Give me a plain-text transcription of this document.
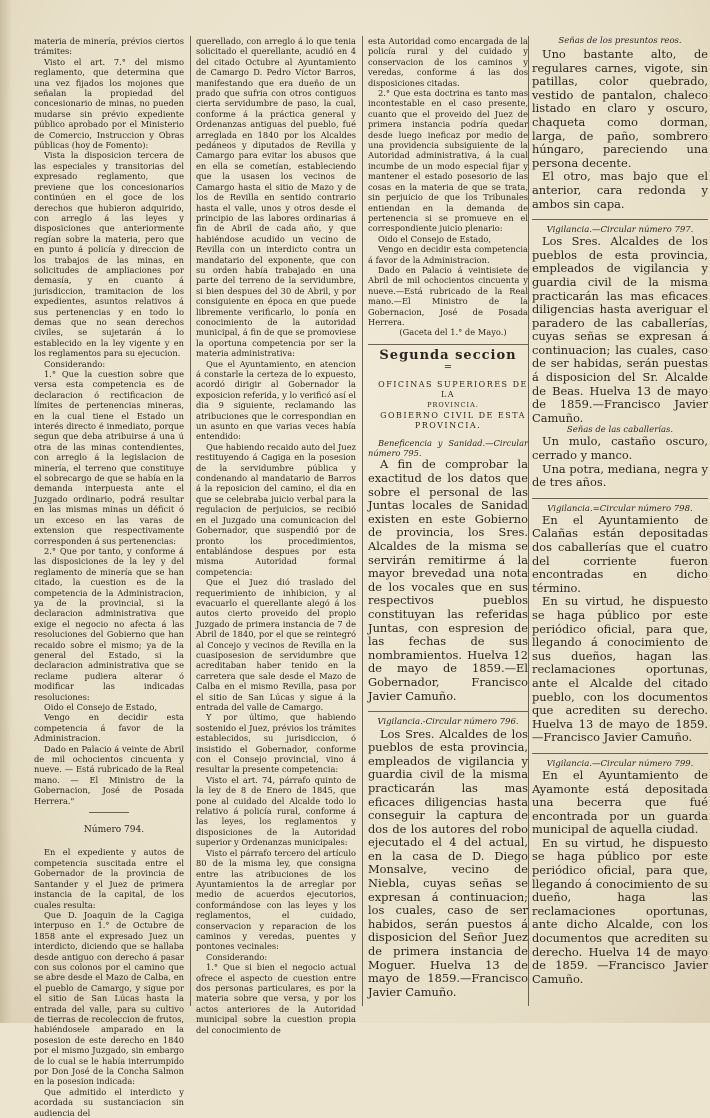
materia de minería, prévios ciertos trámites:

Visto el art. 7.° del mismo reglamento, que determina que una vez fijados los mojones que señalan la propiedad del concesionario de minas, no pueden mudarse sin prévio expediente público aprobado por el Ministerio de Comercio, Instruccion y Obras públicas (hoy de Fomento):

Vista la disposicion tercera de las especiales y transitorias del expresado reglamento, que previene que los concesionarios continúen en el goce de los derechos que hubieron adquirido, con arreglo á las leyes y disposiciones que anteriormente regían sobre la materia, pero que en punto á policía y direccion de los trabajos de las minas, en solicitudes de ampliaciones por demasía, y en cuanto á jurisdiccion, tramitacion de los expedientes, asuntos relativos á sus pertenencias y en todo lo demas que no sean derechos civiles, se sujetarán á lo establecido en la ley vigente y en los reglamentos para su ejecucion.

Considerando:

1.° Que la cuestion sobre que versa esta competencia es de declaracion ó rectificacion de límites de pertenencias mineras, en la cual tiene el Estado un interés directo é inmediato, porque segun que deba atribuirse á una ú otra de las minas contendientes, con arreglo á la legislacion de minería, el terreno que constituye el sobrecargo de que se había en la demanda interpuesta ante el Juzgado ordinario, podrá resultar en las mismas minas un déficit ó un exceso en las varas de extension que respectivamente corresponden á sus pertenencias:

2.° Que por tanto, y conforme á las disposiciones de la ley y del reglamento de minería que se han citado, la cuestion es de la competencia de la Administracion, ya de la provincial, si la declaracion administrativa que exige el negocio no afecta á las resoluciones del Gobierno que han recaido sobre el mismo; ya de la general del Estado, si la declaracion administrativa que se reclame pudiera alterar ó modificar las indicadas resoluciones:

Oido el Consejo de Estado,

Vengo en decidir esta competencia á favor de la Administracion.

Dado en Palacio á veinte de Abril de mil ochocientos cincuenta y nueve. — Está rubricado de la Real mano. — El Ministro de la Gobernacion, José de Posada Herrera."

Número 794.

En el expediente y autos de competencia suscitada entre el Gobernador de la provincia de Santander y el Juez de primera instancia de la capital, de los cuales resulta:

Que D. Joaquin de la Cagiga interpuso en 1.° de Octubre de 1858 ante el expresado Juez un interdicto, diciendo que se hallaba desde antiguo con derecho á pasar con sus colonos por el camino que se abre desde el Mazo de Calba, en el pueblo de Camargo, y sigue por el sitio de San Lúcas hasta la entrada del valle, para su cultivo de tierras de recoleccion de frutos, habiéndosele amparado en la posesion de este derecho en 1840 por el mismo Juzgado, sin embargo de lo cual se le había interrumpido por Don José de la Concha Salmon en la posesion indicada:

Que admitido el interdicto y acordada su sustanciacion sin audiencia del

querellado, con arreglo á lo que tenia solicitado el querellante, acudió en 4 del citado Octubre al Ayuntamiento de Camargo D. Pedro Víctor Barros, manifestando que era dueño de un prado que sufria con otros contiguos cierta servidumbre de paso, la cual, conforme á la práctica general y Ordenanzas antiguas del pueblo, fué arreglada en 1840 por los Alcaldes pedáneos y diputados de Revilla y Camargo para evitar los abusos que en ella se cometían, estableciendo que la usasen los vecinos de Camargo hasta el sitio de Mazo y de los de Revilla en sentido contrario hasta el valle, unos y otros desde el principio de las labores ordinarias á fin de Abril de cada año, y que habiéndose acudido un vecino de Revilla con un interdicto contra un mandatario del exponente, que con su orden había trabajado en una parte del terreno de la servidumbre, si bien despues del 30 de Abril, y por consiguiente en época en que puede libremente verificarlo, lo ponía en conocimiento de la autoridad municipal, á fin de que se promoviese la oportuna competencia por ser la materia administrativa:

Que el Ayuntamiento, en atencion á constarle la certeza de lo expuesto, acordó dirigir al Gobernador la exposicion referida, y lo verificó así el dia 9 siguiente, reclamando las atribuciones que le correspondian en un asunto en que varias veces había entendido:

Que habiendo recaido auto del Juez restituyendo á Cagiga en la posesion de la servidumbre pública y condenando al mandatario de Barros á la reposicion del camino, el dia en que se celebraba juicio verbal para la regulacion de perjuicios, se recibió en el Juzgado una comunicacion del Gobernador, que suspendió por de pronto los procedimientos, entablándose despues por esta misma Autoridad formal competencia:

Que el Juez dió traslado del requerimiento de inhibicion, y al evacuarlo el querellante alegó á los autos cierto proveido del propio Juzgado de primera instancia de 7 de Abril de 1840, por el que se reintegró al Concejo y vecinos de Revilla en la cuasiposesion de servidumbre que acreditaban haber tenido en la carretera que sale desde el Mazo de Calba en el mismo Revilla, pasa por el sitio de San Lúcas y sigue á la entrada del valle de Camargo.

Y por último, que habiendo sostenido el Juez, prévios los trámites establecidos, su jurisdiccion, ó insistido el Gobernador, conforme con el Consejo provincial, vino á resultar la presente competencia:

Visto el art. 74, párrafo quinto de la ley de 8 de Enero de 1845, que pone al cuidado del Alcalde todo lo relativo á policía rural, conforme á las leyes, los reglamentos y disposiciones de la Autoridad superior y Ordenanzas municipales:

Visto el párrafo tercero del artículo 80 de la misma ley, que consigna entre las atribuciones de los Ayuntamientos la de arreglar por medio de acuerdos ejecutorios, conformándose con las leyes y los reglamentos, el cuidado, conservacion y reparacion de los caminos y veredas, puentes y pontones vecinales:

Considerando:

1.° Que si bien el negocio actual ofrece el aspecto de cuestion entre dos personas particulares, es por la materia sobre que versa, y por los actos anteriores de la Autoridad municipal sobre la cuestion propia del conocimiento de

esta Autoridad como encargada de la policía rural y del cuidado y conservacion de los caminos y veredas, conforme á las dos disposiciones citadas.

2.° Que esta doctrina es tanto mas incontestable en el caso presente, cuanto que el proveido del Juez de primera instancia podría quedar desde luego ineficaz por medio de una providencia subsiguiente de la Autoridad administrativa, á la cual incumbe de un modo especial fijar y mantener el estado posesorio de las cosas en la materia de que se trata, sin perjuicio de que los Tribunales entiendan en la demanda de pertenencia si se promueve en el correspondiente juicio plenario:

Oido el Consejo de Estado,

Vengo en decidir esta competencia á favor de la Administracion.

Dado en Palacio á veintisiete de Abril de mil ochocientos cincuenta y nueve.—Está rubricado de la Real mano.—El Ministro de la Gobernacion, José de Posada Herrera.

(Gaceta del 1.° de Mayo.)

Segunda seccion
=

OFICINAS SUPERIORES DE LA

PROVINCIA.

GOBIERNO CIVIL DE ESTA PROVINCIA.

Beneficencia y Sanidad.—Circular número 795.

A fin de comprobar la exactitud de los datos que sobre el personal de las Juntas locales de Sanidad existen en este Gobierno de provincia, los Sres. Alcaldes de la misma se servirán remitirme á la mayor brevedad una nota de los vocales que en sus respectivos pueblos constituyan las referidas Juntas, con espresion de las fechas de sus nombramientos. Huelva 12 de mayo de 1859.—El Gobernador, Francisco Javier Camuño.

Vigilancia.-Circular número 796.

Los Sres. Alcaldes de los pueblos de esta provincia, empleados de vigilancia y guardia civil de la misma practicarán las mas eficaces diligencias hasta conseguir la captura de dos de los autores del robo ejecutado el 4 del actual, en la casa de D. Diego Monsalve, vecino de Niebla, cuyas señas se expresan á continuacion; los cuales, caso de ser habidos, serán puestos á disposicion del Señor Juez de primera instancia de Moguer. Huelva 13 de mayo de 1859.—Francisco Javier Camuño.

Señas de los presuntos reos.

Uno bastante alto, de regulares carnes, vigote, sin patillas, color quebrado, vestido de pantalon, chaleco listado en claro y oscuro, chaqueta como dorman, larga, de paño, sombrero húngaro, pareciendo una persona decente.

El otro, mas bajo que el anterior, cara redonda y ambos sin capa.

Vigilancia.—Circular número 797.

Los Sres. Alcaldes de los pueblos de esta provincia, empleados de vigilancia y guardia civil de la misma practicarán las mas eficaces diligencias hasta averiguar el paradero de las caballerías, cuyas señas se expresan á continuacion; las cuales, caso de ser habidas, serán puestas á disposicion del Sr. Alcalde de Beas. Huelva 13 de mayo de 1859.—Francisco Javier Camuño.

Señas de las caballerías.

Un mulo, castaño oscuro, cerrado y manco.

Una potra, mediana, negra y de tres años.

Vigilancia.=Circular número 798.

En el Ayuntamiento de Calañas están depositadas dos caballerías que el cuatro del corriente fueron encontradas en dicho término.

En su virtud, he dispuesto se haga público por este periódico oficial, para que, llegando á conocimiento de sus dueños, hagan las reclamaciones oportunas, ante el Alcalde del citado pueblo, con los documentos que acrediten su derecho. Huelva 13 de mayo de 1859.—Francisco Javier Camuño.

Vigilancia.—Circular número 799.

En el Ayuntamiento de Ayamonte está depositada una becerra que fué encontrada por un guarda municipal de aquella ciudad.

En su virtud, he dispuesto se haga público por este periódico oficial, para que, llegando á conocimiento de su dueño, haga las reclamaciones oportunas, ante dicho Alcalde, con los documentos que acrediten su derecho. Huelva 14 de mayo de 1859. —Francisco Javier Camuño.
